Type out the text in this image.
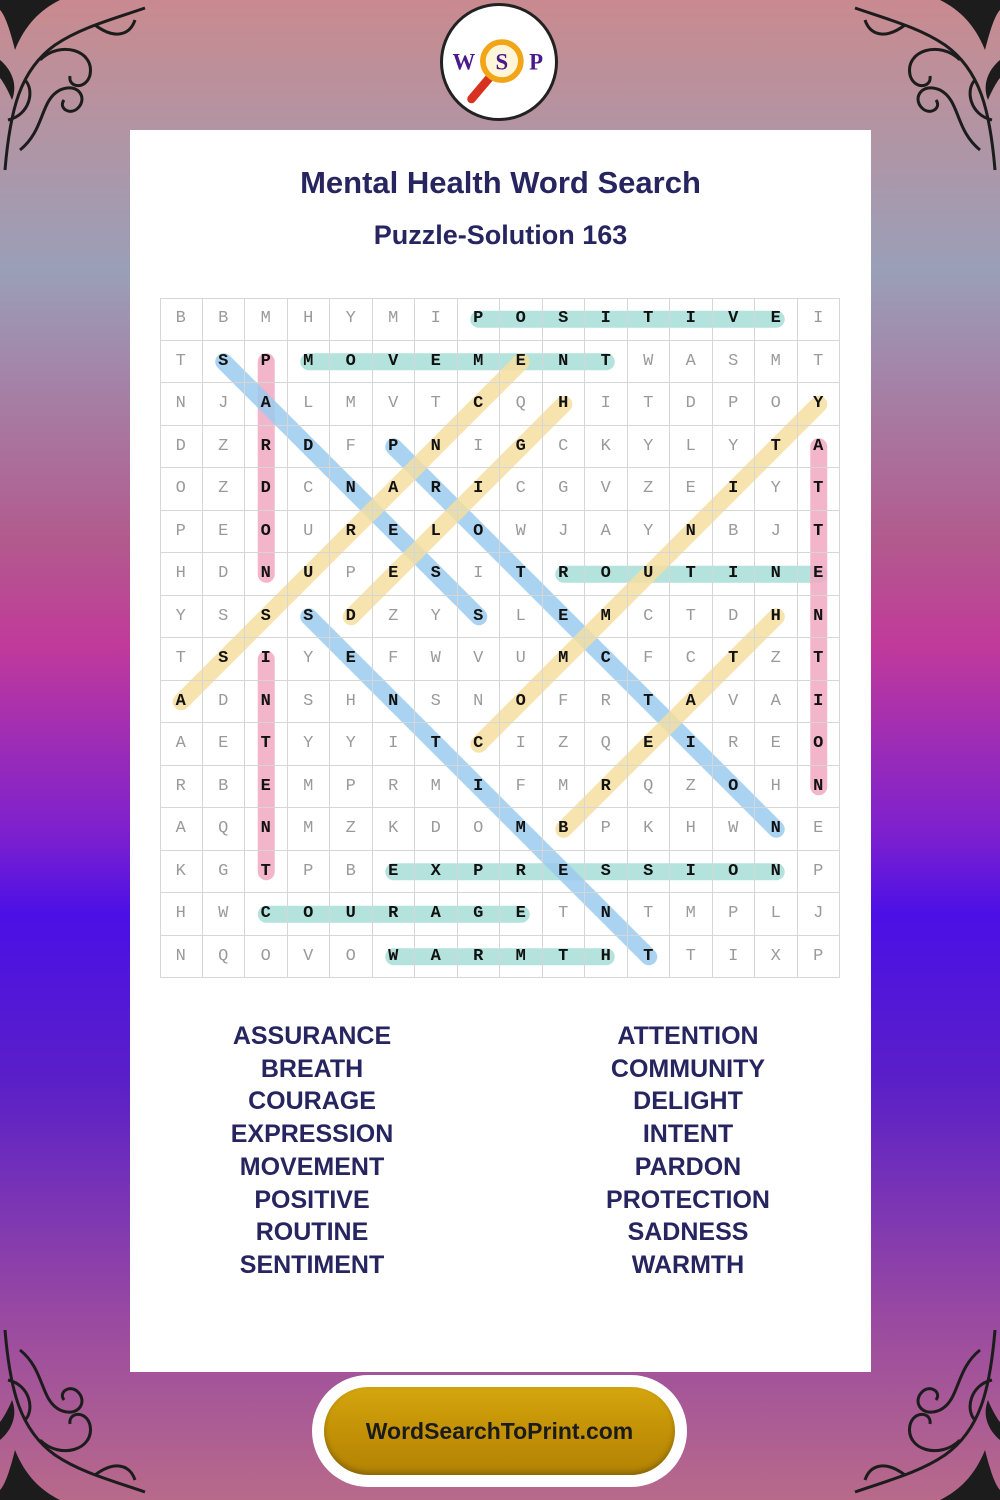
W S P
Mental Health Word Search
Puzzle-Solution 163
B	B	M	H	Y	M	I	P	O	S	I	T	I	V	E	I
T	S	P	M	O	V	E	M	E	N	T	W	A	S	M	T
N	J	A	L	M	V	T	C	Q	H	I	T	D	P	O	Y
D	Z	R	D	F	P	N	I	G	C	K	Y	L	Y	T	A
O	Z	D	C	N	A	R	I	C	G	V	Z	E	I	Y	T
P	E	O	U	R	E	L	O	W	J	A	Y	N	B	J	T
H	D	N	U	P	E	S	I	T	R	O	U	T	I	N	E
Y	S	S	S	D	Z	Y	S	L	E	M	C	T	D	H	N
T	S	I	Y	E	F	W	V	U	M	C	F	C	T	Z	T
A	D	N	S	H	N	S	N	O	F	R	T	A	V	A	I
A	E	T	Y	Y	I	T	C	I	Z	Q	E	I	R	E	O
R	B	E	M	P	R	M	I	F	M	R	Q	Z	O	H	N
A	Q	N	M	Z	K	D	O	M	B	P	K	H	W	N	E
K	G	T	P	B	E	X	P	R	E	S	S	I	O	N	P
H	W	C	O	U	R	A	G	E	T	N	T	M	P	L	J
N	Q	O	V	O	W	A	R	M	T	H	T	T	I	X	P
ASSURANCE
BREATH
COURAGE
EXPRESSION
MOVEMENT
POSITIVE
ROUTINE
SENTIMENT
ATTENTION
COMMUNITY
DELIGHT
INTENT
PARDON
PROTECTION
SADNESS
WARMTH
WordSearchToPrint.com
